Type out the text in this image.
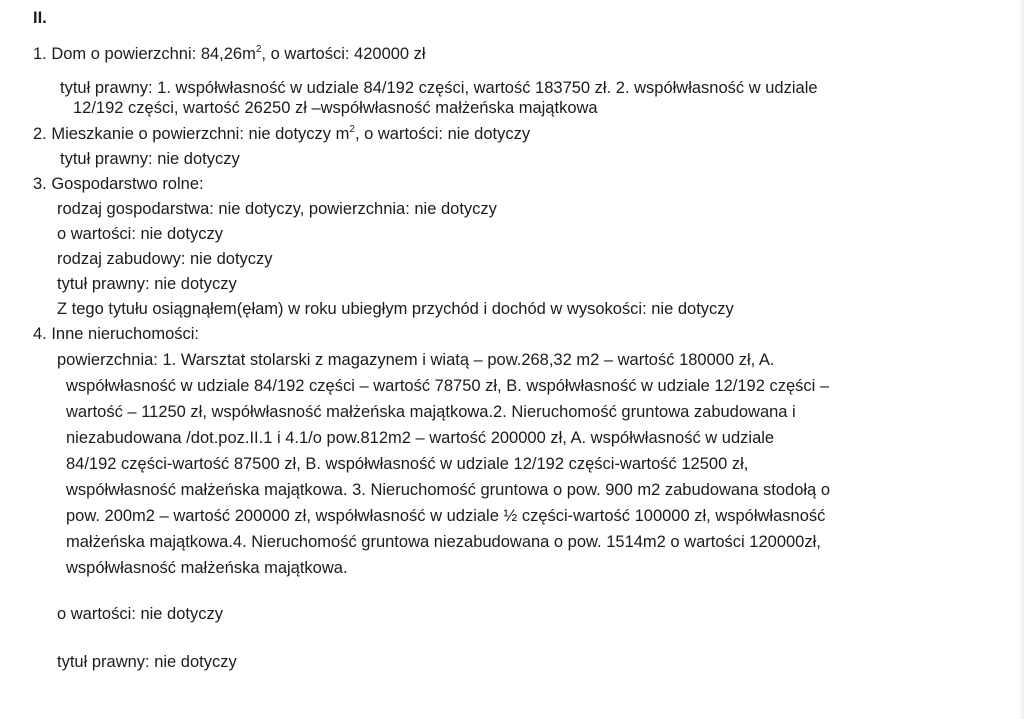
II.
1. Dom o powierzchni: $84,26m^2$, o wartości: 420000 zł
tytuł prawny: 1. współwłasność w udziale 84/192 części, wartość 183750 zł. 2. współwłasność w udziale
12/192 części, wartość 26250 zł –współwłasność małżeńska majątkowa
2. Mieszkanie o powierzchni: nie dotyczy $m^2$, o wartości: nie dotyczy
tytuł prawny: nie dotyczy
3. Gospodarstwo rolne:
rodzaj gospodarstwa: nie dotyczy, powierzchnia: nie dotyczy
o wartości: nie dotyczy
rodzaj zabudowy: nie dotyczy
tytuł prawny: nie dotyczy
Z tego tytułu osiągnąłem(ęłam) w roku ubiegłym przychód i dochód w wysokości: nie dotyczy
4. Inne nieruchomości:
powierzchnia: 1. Warsztat stolarski z magazynem i wiatą – pow.268,32 m2 – wartość 180000 zł, A.
współwłasność w udziale 84/192 części – wartość 78750 zł, B. współwłasność w udziale 12/192 części –
wartość – 11250 zł, współwłasność małżeńska majątkowa.2. Nieruchomość gruntowa zabudowana i
niezabudowana /dot.poz.II.1 i 4.1/o pow.812m2 – wartość 200000 zł, A. współwłasność w udziale
84/192 części-wartość 87500 zł, B. współwłasność w udziale 12/192 części-wartość 12500 zł,
współwłasność małżeńska majątkowa. 3. Nieruchomość gruntowa o pow. 900 m2 zabudowana stodołą o
pow. 200m2 – wartość 200000 zł, współwłasność w udziale ½ części-wartość 100000 zł, współwłasność
małżeńska majątkowa.4. Nieruchomość gruntowa niezabudowana o pow. 1514m2 o wartości 120000zł,
współwłasność małżeńska majątkowa.
o wartości: nie dotyczy
tytuł prawny: nie dotyczy
